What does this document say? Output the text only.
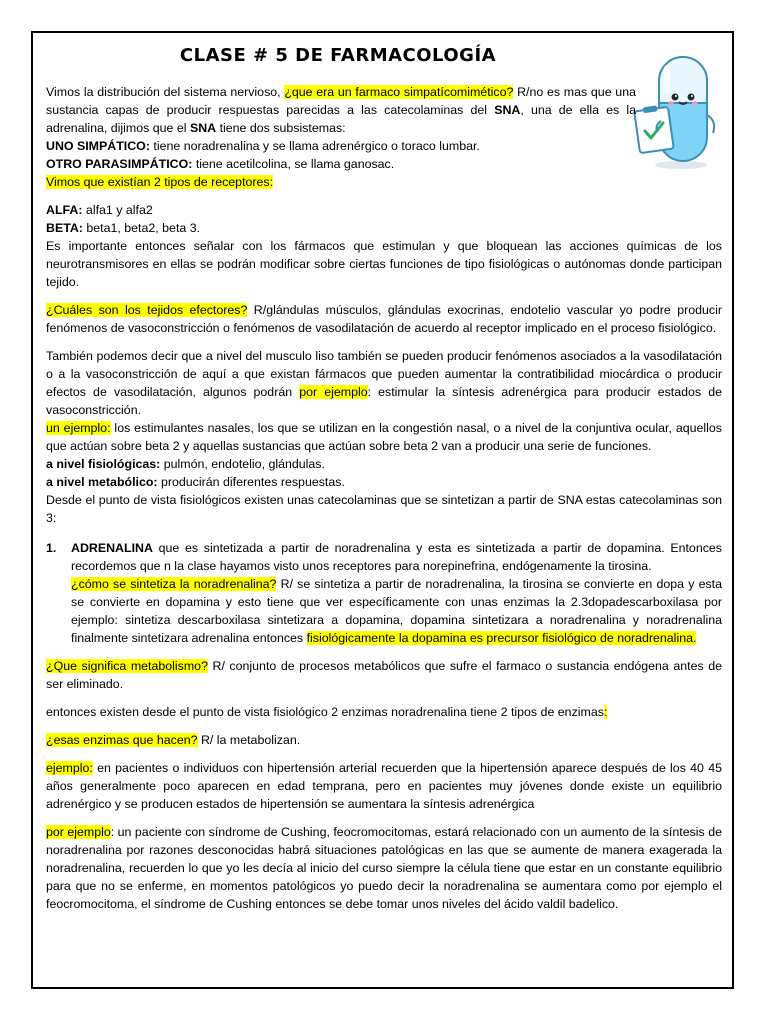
CLASE # 5 DE FARMACOLOGÍA

Vimos la distribución del sistema nervioso, ¿que era un farmaco simpatícomimético? R/no es mas que una sustancia capas de producir respuestas parecidas a las catecolaminas del SNA, una de ella es la adrenalina, dijimos que el SNA tiene dos subsistemas:

UNO SIMPÁTICO: tiene noradrenalina y se llama adrenérgico o toraco lumbar.

OTRO PARASIMPÁTICO: tiene acetilcolina, se llama ganosac.

Vimos que existían 2 tipos de receptores:

ALFA: alfa1 y alfa2

BETA: beta1, beta2, beta 3.

Es importante entonces señalar con los fármacos que estimulan y que bloquean las acciones químicas de los neurotransmisores en ellas se podrán modificar sobre ciertas funciones de tipo fisiológicas o autónomas donde participan tejido.

¿Cuáles son los tejidos efectores? R/glándulas músculos, glándulas exocrinas, endotelio vascular yo podre producir fenómenos de vasoconstricción o fenómenos de vasodilatación de acuerdo al receptor implicado en el proceso fisiológico.

También podemos decir que a nivel del musculo liso también se pueden producir fenómenos asociados a la vasodilatación o a la vasoconstricción de aquí a que existan fármacos que pueden aumentar la contratibilidad miocárdica o producir efectos de vasodilatación, algunos podrán por ejemplo: estimular la síntesis adrenérgica para producir estados de vasoconstricción.

un ejemplo: los estimulantes nasales, los que se utilizan en la congestión nasal, o a nivel de la conjuntiva ocular, aquellos que actúan sobre beta 2 y aquellas sustancias que actúan sobre beta 2 van a producir una serie de funciones.

a nivel fisiológicas: pulmón, endotelio, glándulas.

a nivel metabólico: producirán diferentes respuestas.

Desde el punto de vista fisiológicos existen unas catecolaminas que se sintetizan a partir de SNA estas catecolaminas son 3:

1. ADRENALINA que es sintetizada a partir de noradrenalina y esta es sintetizada a partir de dopamina. Entonces recordemos que n la clase hayamos visto unos receptores para norepinefrina, endógenamente la tirosina.
¿cómo se sintetiza la noradrenalina? R/ se sintetiza a partir de noradrenalina, la tirosina se convierte en dopa y esta se convierte en dopamina y esto tiene que ver específicamente con unas enzimas la 2.3dopadescarboxilasa por ejemplo: sintetiza descarboxilasa sintetizara a dopamina, dopamina sintetizara a noradrenalina y noradrenalina finalmente sintetizara adrenalina entonces fisiológicamente la dopamina es precursor fisiológico de noradrenalina.

¿Que significa metabolismo? R/ conjunto de procesos metabólicos que sufre el farmaco o sustancia endógena antes de ser eliminado.

entonces existen desde el punto de vista fisiológico 2 enzimas noradrenalina tiene 2 tipos de enzimas:

¿esas enzimas que hacen? R/ la metabolizan.

ejemplo: en pacientes o individuos con hipertensión arterial recuerden que la hipertensión aparece después de los 40 45 años generalmente poco aparecen en edad temprana, pero en pacientes muy jóvenes donde existe un equilibrio adrenérgico y se producen estados de hipertensión se aumentara la síntesis adrenérgica

por ejemplo: un paciente con síndrome de Cushing, feocromocitomas, estará relacionado con un aumento de la síntesis de noradrenalina por razones desconocidas habrá situaciones patológicas en las que se aumente de manera exagerada la noradrenalina, recuerden lo que yo les decía al inicio del curso siempre la célula tiene que estar en un constante equilibrio para que no se enferme, en momentos patológicos yo puedo decir la noradrenalina se aumentara como por ejemplo el feocromocitoma, el síndrome de Cushing entonces se debe tomar unos niveles del ácido valdil badelico.
